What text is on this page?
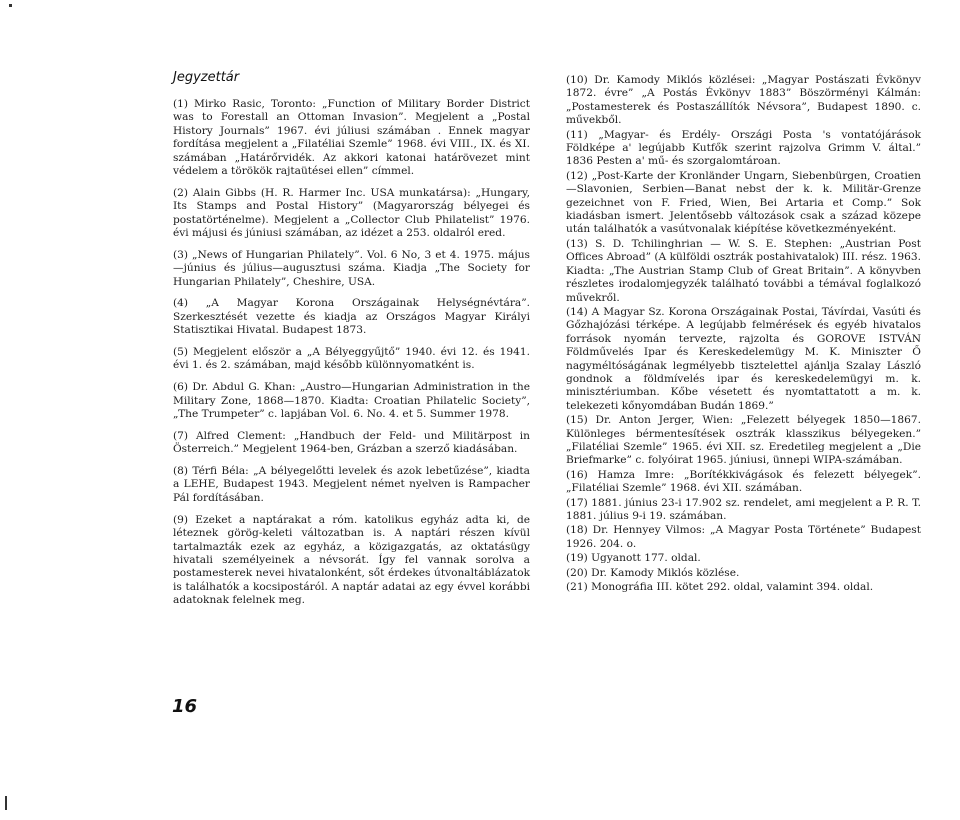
Jegyzettár

(1) Mirko Rasic, Toronto: „Function of Military Border District was to Forestall an Ottoman Invasion”. Megjelent a „Postal History Journals” 1967. évi júliusi számában . Ennek magyar fordítása megjelent a „Filatéliai Szemle” 1968. évi VIII., IX. és XI. számában „Határőrvidék. Az akkori katonai határövezet mint védelem a törökök rajtaütései ellen” címmel.

(2) Alain Gibbs (H. R. Harmer Inc. USA munkatársa): „Hungary, Its Stamps and Postal History” (Magyarország bélyegei és postatörténelme). Megjelent a „Collector Club Philatelist” 1976. évi májusi és júniusi számában, az idézet a 253. oldalról ered.

(3) „News of Hungarian Philately”. Vol. 6 No, 3 et 4. 1975. május—június és július—augusztusi száma. Kiadja „The Society for Hungarian Philately”, Cheshire, USA.

(4) „A Magyar Korona Országainak Helységnévtára”. Szerkesztését vezette és kiadja az Országos Magyar Királyi Statisztikai Hivatal. Budapest 1873.

(5) Megjelent először a „A Bélyeggyűjtő” 1940. évi 12. és 1941. évi 1. és 2. számában, majd később különnyomatként is.

(6) Dr. Abdul G. Khan: „Austro—Hungarian Administration in the Military Zone, 1868—1870. Kiadta: Croatian Philatelic Society”, „The Trumpeter” c. lapjában Vol. 6. No. 4. et 5. Summer 1978.

(7) Alfred Clement: „Handbuch der Feld- und Militärpost in Österreich.” Megjelent 1964-ben, Grázban a szerző kiadásában.

(8) Térfi Béla: „A bélyegelőtti levelek és azok lebetűzése”, kiadta a LEHE, Budapest 1943. Megjelent német nyelven is Rampacher Pál fordításában.

(9) Ezeket a naptárakat a róm. katolikus egyház adta ki, de léteznek görög-keleti változatban is. A naptári részen kívül tartalmazták ezek az egyház, a közigazgatás, az oktatásügy hivatali személyeinek a névsorát. Így fel vannak sorolva a postamesterek nevei hivatalonként, sőt érdekes útvonaltáblázatok is találhatók a kocsipostáról. A naptár adatai az egy évvel korábbi adatoknak felelnek meg.

(10) Dr. Kamody Miklós közlései: „Magyar Postászati Évkönyv 1872. évre” „A Postás Évkönyv 1883” Böszörményi Kálmán: „Postamesterek és Postaszállítók Névsora”, Budapest 1890. c. művekből.

(11) „Magyar- és Erdély- Országi Posta 's vontatójárások Földképe a' legújabb Kutfők szerint rajzolva Grimm V. által.” 1836 Pesten a' mű- és szorgalomtároan.

(12) „Post-Karte der Kronländer Ungarn, Siebenbürgen, Croatien—Slavonien, Serbien—Banat nebst der k. k. Militär-Grenze gezeichnet von F. Fried, Wien, Bei Artaria et Comp.” Sok kiadásban ismert. Jelentősebb változások csak a század közepe után találhatók a vasútvonalak kiépítése következményeként.

(13) S. D. Tchilinghrian — W. S. E. Stephen: „Austrian Post Offices Abroad” (A külföldi osztrák postahivatalok) III. rész. 1963. Kiadta: „The Austrian Stamp Club of Great Britain”. A könyvben részletes irodalomjegyzék található további a témával foglalkozó művekről.

(14) A Magyar Sz. Korona Országainak Postai, Távírdai, Vasúti és Gőzhajózási térképe. A legújabb felmérések és egyéb hivatalos források nyomán tervezte, rajzolta és GOROVE ISTVÁN Földművelés Ipar és Kereskedelemügy M. K. Miniszter Ő nagyméltóságának legmélyebb tisztelettel ajánlja Szalay László gondnok a földmívelés ipar és kereskedelemügyi m. k. minisztériumban. Kőbe vésetett és nyomtattatott a m. k. telekezeti kőnyomdában Budán 1869.”

(15) Dr. Anton Jerger, Wien: „Felezett bélyegek 1850—1867. Különleges bérmentesítések osztrák klasszikus bélyegeken.” „Filatéliai Szemle” 1965. évi XII. sz. Eredetileg megjelent a „Die Briefmarke” c. folyóirat 1965. júniusi, ünnepi WIPA-számában.

(16) Hamza Imre: „Borítékkivágások és felezett bélyegek”. „Filatéliai Szemle” 1968. évi XII. számában.

(17) 1881. június 23-i 17.902 sz. rendelet, ami megjelent a P. R. T. 1881. július 9-i 19. számában.

(18) Dr. Hennyey Vilmos: „A Magyar Posta Története” Budapest 1926. 204. o.

(19) Ugyanott 177. oldal.

(20) Dr. Kamody Miklós közlése.

(21) Monográfia III. kötet 292. oldal, valamint 394. oldal.

16
